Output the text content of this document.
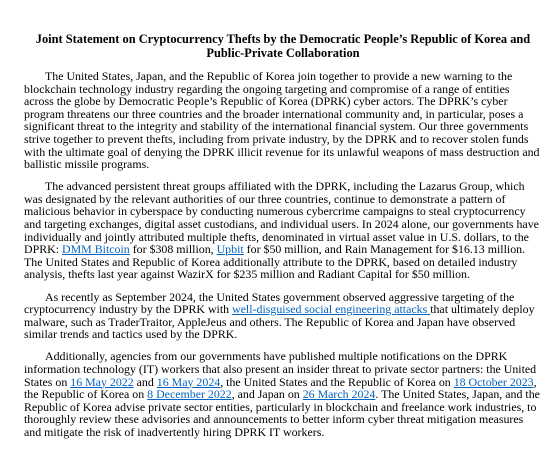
Joint Statement on Cryptocurrency Thefts by the Democratic People’s Republic of Korea and
Public-Private Collaboration

The United States, Japan, and the Republic of Korea join together to provide a new warning to the blockchain technology industry regarding the ongoing targeting and compromise of a range of entities across the globe by Democratic People’s Republic of Korea (DPRK) cyber actors. The DPRK’s cyber program threatens our three countries and the broader international community and, in particular, poses a significant threat to the integrity and stability of the international financial system. Our three governments strive together to prevent thefts, including from private industry, by the DPRK and to recover stolen funds with the ultimate goal of denying the DPRK illicit revenue for its unlawful weapons of mass destruction and ballistic missile programs.

The advanced persistent threat groups affiliated with the DPRK, including the Lazarus Group, which was designated by the relevant authorities of our three countries, continue to demonstrate a pattern of malicious behavior in cyberspace by conducting numerous cybercrime campaigns to steal cryptocurrency and targeting exchanges, digital asset custodians, and individual users. In 2024 alone, our governments have individually and jointly attributed multiple thefts, denominated in virtual asset value in U.S. dollars, to the DPRK: DMM Bitcoin for $308 million, Upbit for $50 million, and Rain Management for $16.13 million. The United States and Republic of Korea additionally attribute to the DPRK, based on detailed industry analysis, thefts last year against WazirX for $235 million and Radiant Capital for $50 million.

As recently as September 2024, the United States government observed aggressive targeting of the cryptocurrency industry by the DPRK with well-disguised social engineering attacks that ultimately deploy malware, such as TraderTraitor, AppleJeus and others. The Republic of Korea and Japan have observed similar trends and tactics used by the DPRK.

Additionally, agencies from our governments have published multiple notifications on the DPRK information technology (IT) workers that also present an insider threat to private sector partners: the United States on 16 May 2022 and 16 May 2024, the United States and the Republic of Korea on 18 October 2023, the Republic of Korea on 8 December 2022, and Japan on 26 March 2024. The United States, Japan, and the Republic of Korea advise private sector entities, particularly in blockchain and freelance work industries, to thoroughly review these advisories and announcements to better inform cyber threat mitigation measures and mitigate the risk of inadvertently hiring DPRK IT workers.
